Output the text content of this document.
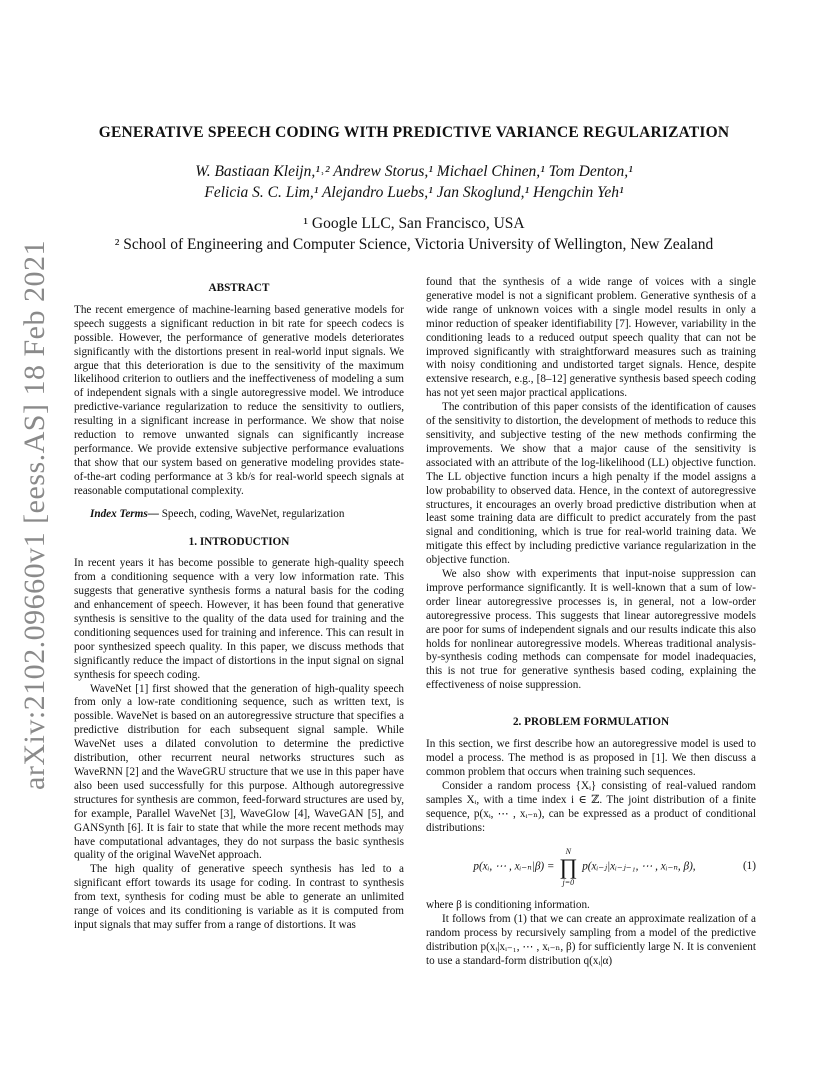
arXiv:2102.09660v1 [eess.AS] 18 Feb 2021
GENERATIVE SPEECH CODING WITH PREDICTIVE VARIANCE REGULARIZATION
W. Bastiaan Kleijn,¹˒² Andrew Storus,¹ Michael Chinen,¹ Tom Denton,¹
Felicia S. C. Lim,¹ Alejandro Luebs,¹ Jan Skoglund,¹ Hengchin Yeh¹
¹ Google LLC, San Francisco, USA
² School of Engineering and Computer Science, Victoria University of Wellington, New Zealand
ABSTRACT

The recent emergence of machine-learning based generative models for speech suggests a significant reduction in bit rate for speech codecs is possible. However, the performance of generative models deteriorates significantly with the distortions present in real-world input signals. We argue that this deterioration is due to the sensitivity of the maximum likelihood criterion to outliers and the ineffectiveness of modeling a sum of independent signals with a single autoregressive model. We introduce predictive-variance regularization to reduce the sensitivity to outliers, resulting in a significant increase in performance. We show that noise reduction to remove unwanted signals can significantly increase performance. We provide extensive subjective performance evaluations that show that our system based on generative modeling provides state-of-the-art coding performance at 3 kb/s for real-world speech signals at reasonable computational complexity.

Index Terms— Speech, coding, WaveNet, regularization

1. INTRODUCTION

In recent years it has become possible to generate high-quality speech from a conditioning sequence with a very low information rate. This suggests that generative synthesis forms a natural basis for the coding and enhancement of speech. However, it has been found that generative synthesis is sensitive to the quality of the data used for training and the conditioning sequences used for training and inference. This can result in poor synthesized speech quality. In this paper, we discuss methods that significantly reduce the impact of distortions in the input signal on signal synthesis for speech coding.

WaveNet [1] first showed that the generation of high-quality speech from only a low-rate conditioning sequence, such as written text, is possible. WaveNet is based on an autoregressive structure that specifies a predictive distribution for each subsequent signal sample. While WaveNet uses a dilated convolution to determine the predictive distribution, other recurrent neural networks structures such as WaveRNN [2] and the WaveGRU structure that we use in this paper have also been used successfully for this purpose. Although autoregressive structures for synthesis are common, feed-forward structures are used by, for example, Parallel WaveNet [3], WaveGlow [4], WaveGAN [5], and GANSynth [6]. It is fair to state that while the more recent methods may have computational advantages, they do not surpass the basic synthesis quality of the original WaveNet approach.

The high quality of generative speech synthesis has led to a significant effort towards its usage for coding. In contrast to synthesis from text, synthesis for coding must be able to generate an unlimited range of voices and its conditioning is variable as it is computed from input signals that may suffer from a range of distortions. It was

found that the synthesis of a wide range of voices with a single generative model is not a significant problem. Generative synthesis of a wide range of unknown voices with a single model results in only a minor reduction of speaker identifiability [7]. However, variability in the conditioning leads to a reduced output speech quality that can not be improved significantly with straightforward measures such as training with noisy conditioning and undistorted target signals. Hence, despite extensive research, e.g., [8–12] generative synthesis based speech coding has not yet seen major practical applications.

The contribution of this paper consists of the identification of causes of the sensitivity to distortion, the development of methods to reduce this sensitivity, and subjective testing of the new methods confirming the improvements. We show that a major cause of the sensitivity is associated with an attribute of the log-likelihood (LL) objective function. The LL objective function incurs a high penalty if the model assigns a low probability to observed data. Hence, in the context of autoregressive structures, it encourages an overly broad predictive distribution when at least some training data are difficult to predict accurately from the past signal and conditioning, which is true for real-world training data. We mitigate this effect by including predictive variance regularization in the objective function.

We also show with experiments that input-noise suppression can improve performance significantly. It is well-known that a sum of low-order linear autoregressive processes is, in general, not a low-order autoregressive process. This suggests that linear autoregressive models are poor for sums of independent signals and our results indicate this also holds for nonlinear autoregressive models. Whereas traditional analysis-by-synthesis coding methods can compensate for model inadequacies, this is not true for generative synthesis based coding, explaining the effectiveness of noise suppression.

2. PROBLEM FORMULATION

In this section, we first describe how an autoregressive model is used to model a process. The method is as proposed in [1]. We then discuss a common problem that occurs when training such sequences.

Consider a random process {Xᵢ} consisting of real-valued random samples Xᵢ, with a time index i ∈ ℤ. The joint distribution of a finite sequence, p(xᵢ, ⋯ , xᵢ₋ₙ), can be expressed as a product of conditional distributions:

p(xᵢ, ⋯ , xᵢ₋ₙ|β) =
N
∏
j=0
p(xᵢ₋ⱼ|xᵢ₋ⱼ₋₁, ⋯ , xᵢ₋ₙ, β),	(1)

where β is conditioning information.

It follows from (1) that we can create an approximate realization of a random process by recursively sampling from a model of the predictive distribution p(xᵢ|xᵢ₋₁, ⋯ , xᵢ₋ₙ, β) for sufficiently large N. It is convenient to use a standard-form distribution q(xᵢ|α)
